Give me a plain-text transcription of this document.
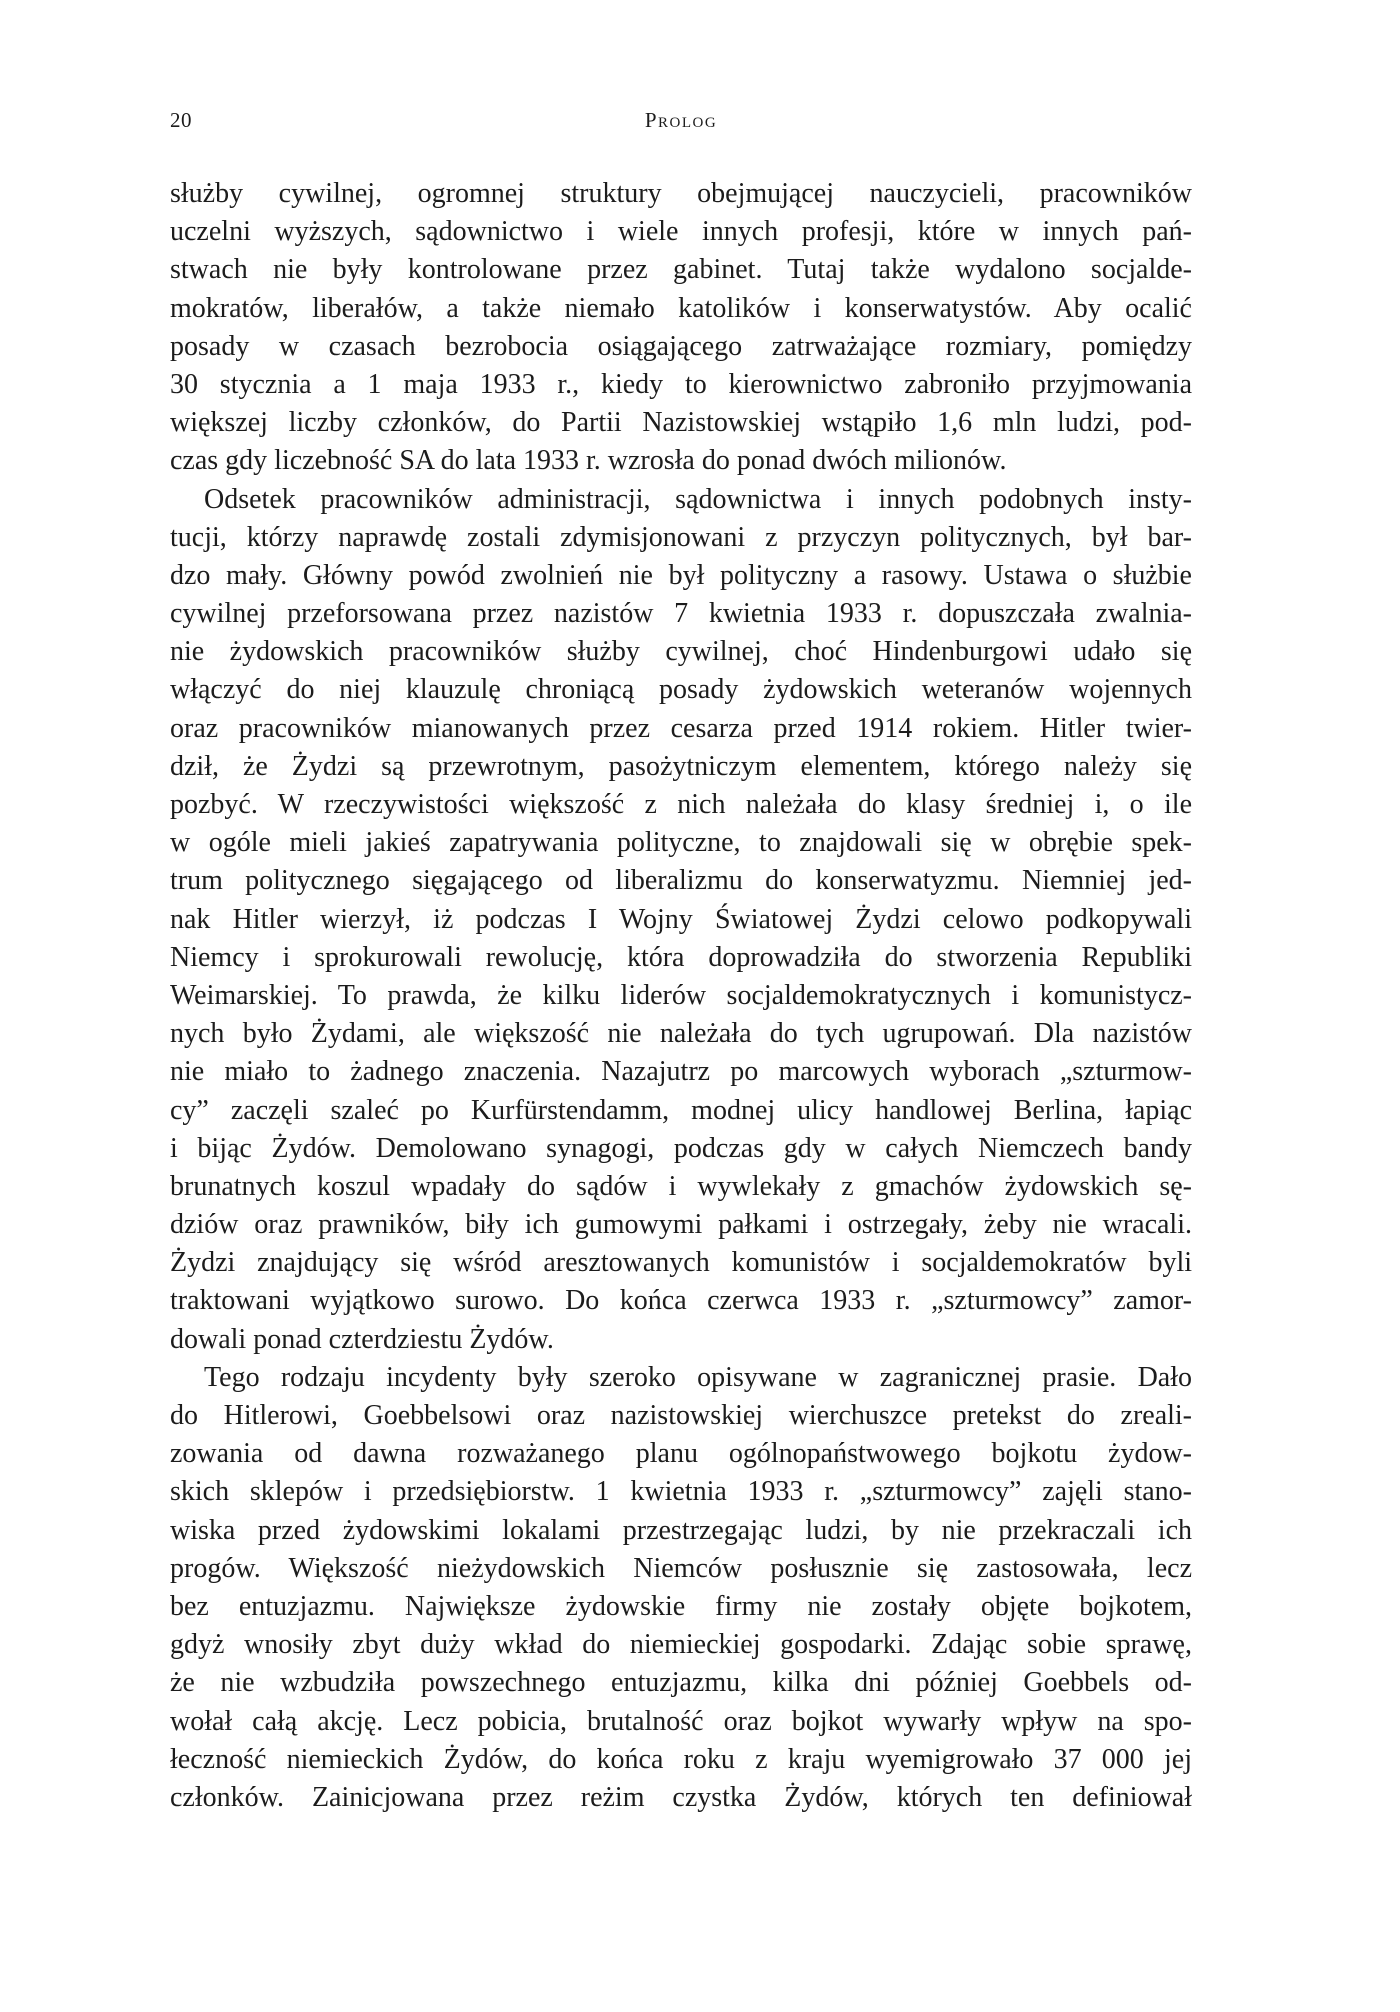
20	Prolog
służby cywilnej, ogromnej struktury obejmującej nauczycieli, pracowników
uczelni wyższych, sądownictwo i wiele innych profesji, które w innych pań-
stwach nie były kontrolowane przez gabinet. Tutaj także wydalono socjalde-
mokratów, liberałów, a także niemało katolików i konserwatystów. Aby ocalić
posady w czasach bezrobocia osiągającego zatrważające rozmiary, pomiędzy
30 stycznia a 1 maja 1933 r., kiedy to kierownictwo zabroniło przyjmowania
większej liczby członków, do Partii Nazistowskiej wstąpiło 1,6 mln ludzi, pod-
czas gdy liczebność SA do lata 1933 r. wzrosła do ponad dwóch milionów.
Odsetek pracowników administracji, sądownictwa i innych podobnych insty-
tucji, którzy naprawdę zostali zdymisjonowani z przyczyn politycznych, był bar-
dzo mały. Główny powód zwolnień nie był polityczny a rasowy. Ustawa o służbie
cywilnej przeforsowana przez nazistów 7 kwietnia 1933 r. dopuszczała zwalnia-
nie żydowskich pracowników służby cywilnej, choć Hindenburgowi udało się
włączyć do niej klauzulę chroniącą posady żydowskich weteranów wojennych
oraz pracowników mianowanych przez cesarza przed 1914 rokiem. Hitler twier-
dził, że Żydzi są przewrotnym, pasożytniczym elementem, którego należy się
pozbyć. W rzeczywistości większość z nich należała do klasy średniej i, o ile
w ogóle mieli jakieś zapatrywania polityczne, to znajdowali się w obrębie spek-
trum politycznego sięgającego od liberalizmu do konserwatyzmu. Niemniej jed-
nak Hitler wierzył, iż podczas I Wojny Światowej Żydzi celowo podkopywali
Niemcy i sprokurowali rewolucję, która doprowadziła do stworzenia Republiki
Weimarskiej. To prawda, że kilku liderów socjaldemokratycznych i komunistycz-
nych było Żydami, ale większość nie należała do tych ugrupowań. Dla nazistów
nie miało to żadnego znaczenia. Nazajutrz po marcowych wyborach „szturmow-
cy” zaczęli szaleć po Kurfürstendamm, modnej ulicy handlowej Berlina, łapiąc
i bijąc Żydów. Demolowano synagogi, podczas gdy w całych Niemczech bandy
brunatnych koszul wpadały do sądów i wywlekały z gmachów żydowskich sę-
dziów oraz prawników, biły ich gumowymi pałkami i ostrzegały, żeby nie wracali.
Żydzi znajdujący się wśród aresztowanych komunistów i socjaldemokratów byli
traktowani wyjątkowo surowo. Do końca czerwca 1933 r. „szturmowcy” zamor-
dowali ponad czterdziestu Żydów.
Tego rodzaju incydenty były szeroko opisywane w zagranicznej prasie. Dało
do Hitlerowi, Goebbelsowi oraz nazistowskiej wierchuszce pretekst do zreali-
zowania od dawna rozważanego planu ogólnopaństwowego bojkotu żydow-
skich sklepów i przedsiębiorstw. 1 kwietnia 1933 r. „szturmowcy” zajęli stano-
wiska przed żydowskimi lokalami przestrzegając ludzi, by nie przekraczali ich
progów. Większość nieżydowskich Niemców posłusznie się zastosowała, lecz
bez entuzjazmu. Największe żydowskie firmy nie zostały objęte bojkotem,
gdyż wnosiły zbyt duży wkład do niemieckiej gospodarki. Zdając sobie sprawę,
że nie wzbudziła powszechnego entuzjazmu, kilka dni później Goebbels od-
wołał całą akcję. Lecz pobicia, brutalność oraz bojkot wywarły wpływ na spo-
łeczność niemieckich Żydów, do końca roku z kraju wyemigrowało 37 000 jej
członków. Zainicjowana przez reżim czystka Żydów, których ten definiował
